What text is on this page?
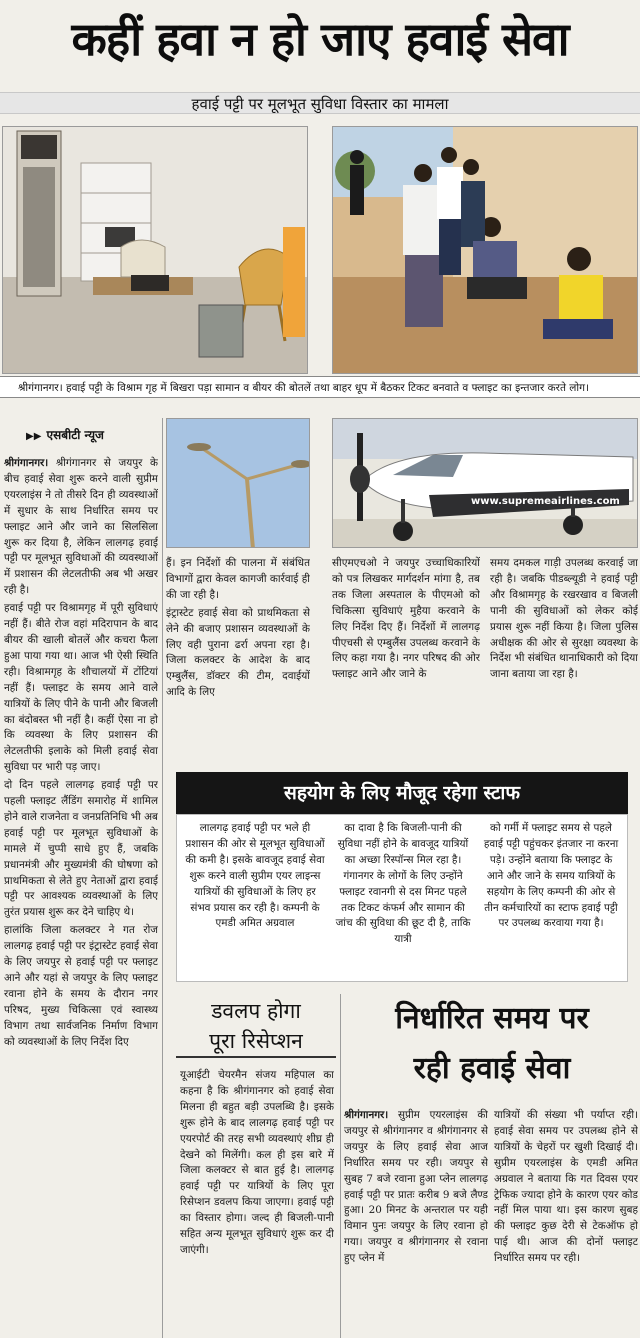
कहीं हवा न हो जाए हवाई सेवा
हवाई पट्टी पर मूलभूत सुविधा विस्तार का मामला
श्रीगंगानगर। हवाई पट्टी के विश्राम गृह में बिखरा पड़ा सामान व बीयर की बोतलें तथा बाहर धूप में बैठकर टिकट बनवाते व फ्लाइट का इन्तजार करते लोग।
▶▶ एसबीटी न्यूज
www.supremeairlines.com
श्रीगंगानगर। श्रीगंगानगर से जयपुर के बीच हवाई सेवा शुरू करने वाली सुप्रीम एयरलाइंस ने तो तीसरे दिन ही व्यवस्थाओं में सुधार के साथ निर्धारित समय पर फ्लाइट आने और जाने का सिलसिला शुरू कर दिया है, लेकिन लालगढ़ हवाई पट्टी पर मूलभूत सुविधाओं की व्यवस्थाओं में प्रशासन की लेटलतीफी अब भी अखर रही है।
हवाई पट्टी पर विश्रामगृह में पूरी सुविधाएं नहीं हैं। बीते रोज वहां मदिरापान के बाद बीयर की खाली बोतलें और कचरा फैला हुआ पाया गया था। आज भी ऐसी स्थिति रही। विश्रामगृह के शौचालयों में टोंटियां नहीं हैं। फ्लाइट के समय आने वाले यात्रियों के लिए पीने के पानी और बिजली का बंदोबस्त भी नहीं है। कहीं ऐसा ना हो कि व्यवस्था के लिए प्रशासन की लेटलतीफी इलाके को मिली हवाई सेवा सुविधा पर भारी पड़ जाए।
दो दिन पहले लालगढ़ हवाई पट्टी पर पहली फ्लाइट लैंडिंग समारोह में शामिल होने वाले राजनेता व जनप्रतिनिधि भी अब हवाई पट्टी पर मूलभूत सुविधाओं के मामले में चुप्पी साधे हुए हैं, जबकि प्रधानमंत्री और मुख्यमंत्री की घोषणा को प्राथमिकता से लेते हुए नेताओं द्वारा हवाई पट्टी पर आवश्यक व्यवस्थाओं के लिए तुरंत प्रयास शुरू कर देने चाहिए थे।
हालांकि जिला कलक्टर ने गत रोज लालगढ़ हवाई पट्टी पर इंट्रास्टेट हवाई सेवा के लिए जयपुर से हवाई पट्टी पर फ्लाइट आने और यहां से जयपुर के लिए फ्लाइट रवाना होने के समय के दौरान नगर परिषद, मुख्य चिकित्सा एवं स्वास्थ्य विभाग तथा सार्वजनिक निर्माण विभाग को व्यवस्थाओं के लिए निर्देश दिए
हैं। इन निर्देशों की पालना में संबंधित विभागों द्वारा केवल कागजी कार्रवाई ही की जा रही है।
इंट्रास्टेट हवाई सेवा को प्राथमिकता से लेने की बजाए प्रशासन व्यवस्थाओं के लिए वही पुराना ढर्रा अपना रहा है। जिला कलक्टर के आदेश के बाद एम्बुलैंस, डॉक्टर की टीम, दवाईयों आदि के लिए
सीएमएचओ ने जयपुर उच्चाधिकारियों को पत्र लिखकर मार्गदर्शन मांगा है, तब तक जिला अस्पताल के पीएमओ को चिकित्सा सुविधाएं मुहैया करवाने के लिए निर्देश दिए हैं। निर्देशों में लालगढ़ पीएचसी से एम्बुलैंस उपलब्ध करवाने के लिए कहा गया है। नगर परिषद की ओर फ्लाइट आने और जाने के
समय दमकल गाड़ी उपलब्ध करवाई जा रही है। जबकि पीडब्ल्यूडी ने हवाई पट्टी और विश्रामगृह के रखरखाव व बिजली पानी की सुविधाओं को लेकर कोई प्रयास शुरू नहीं किया है। जिला पुलिस अधीक्षक की ओर से सुरक्षा व्यवस्था के निर्देश भी संबंधित थानाधिकारी को दिया जाना बताया जा रहा है।
सहयोग के लिए मौजूद रहेगा स्टाफ
लालगढ़ हवाई पट्टी पर भले ही प्रशासन की ओर से मूलभूत सुविधाओं की कमी है। इसके बावजूद हवाई सेवा शुरू करने वाली सुप्रीम एयर लाइन्स यात्रियों की सुविधाओं के लिए हर संभव प्रयास कर रही है। कम्पनी के एमडी अमित अग्रवाल
का दावा है कि बिजली-पानी की सुविधा नहीं होने के बावजूद यात्रियों का अच्छा रिस्पॉन्स मिल रहा है। गंगानगर के लोगों के लिए उन्होंने फ्लाइट रवानगी से दस मिनट पहले तक टिकट कंफर्म और सामान की जांच की सुविधा की छूट दी है, ताकि यात्री
को गर्मी में फ्लाइट समय से पहले हवाई पट्टी पहुंचकर इंतजार ना करना पड़े। उन्होंने बताया कि फ्लाइट के आने और जाने के समय यात्रियों के सहयोग के लिए कम्पनी की ओर से तीन कर्मचारियों का स्टाफ हवाई पट्टी पर उपलब्ध करवाया गया है।
डवलप होगा
पूरा रिसेप्शन
यूआईटी चेयरमैन संजय महिपाल का कहना है कि श्रीगंगानगर को हवाई सेवा मिलना ही बहुत बड़ी उपलब्धि है। इसके शुरू होने के बाद लालगढ़ हवाई पट्टी पर एयरपोर्ट की तरह सभी व्यवस्थाएं शीघ्र ही देखने को मिलेंगी। कल ही इस बारे में जिला कलक्टर से बात हुई है। लालगढ़ हवाई पट्टी पर यात्रियों के लिए पूरा रिसेप्शन डवलप किया जाएगा। हवाई पट्टी का विस्तार होगा। जल्द ही बिजली-पानी सहित अन्य मूलभूत सुविधाएं शुरू कर दी जाएंगी।
निर्धारित समय पर
रही हवाई सेवा
श्रीगंगानगर। सुप्रीम एयरलाइंस की जयपुर से श्रीगंगानगर व श्रीगंगानगर से जयपुर के लिए हवाई सेवा आज निर्धारित समय पर रही। जयपुर से सुबह 7 बजे रवाना हुआ प्लेन लालगढ़ हवाई पट्टी पर प्रातः करीब 9 बजे लैण्ड हुआ। 20 मिनट के अन्तराल पर यही विमान पुनः जयपुर के लिए रवाना हो गया। जयपुर व श्रीगंगानगर से रवाना हुए प्लेन में
यात्रियों की संख्या भी पर्याप्त रही। हवाई सेवा समय पर उपलब्ध होने से यात्रियों के चेहरों पर खुशी दिखाई दी। सुप्रीम एयरलाइंस के एमडी अमित अग्रवाल ने बताया कि गत दिवस एयर ट्रेफिक ज्यादा होने के कारण एयर कोड नहीं मिल पाया था। इस कारण सुबह की फ्लाइट कुछ देरी से टेकऑफ हो पाई थी। आज की दोनों फ्लाइट निर्धारित समय पर रही।
